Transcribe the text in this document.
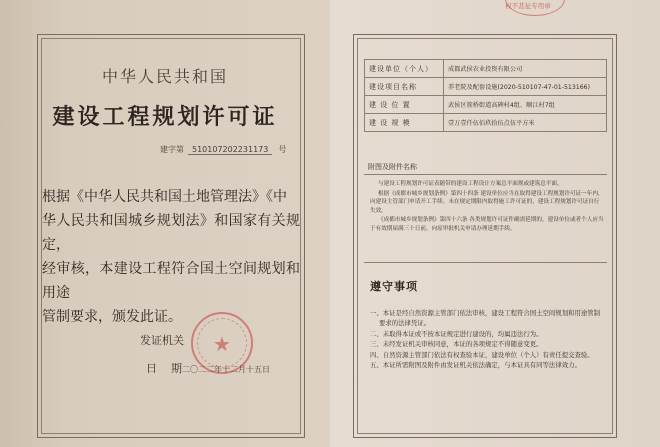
中华人民共和国
建设工程规划许可证
建字第 510107202231173 号
根据《中华人民共和国土地管理法》《中
华人民共和国城乡规划法》和国家有关规定，
经审核，本建设工程符合国土空间规划和用途
管制要求，颁发此证。
★
发证机关
日期
二〇二二年十二月十五日
权不甚征专用章
建设单位（个人）	成都武侯农业投资有限公司
建设项目名称	养老院及配套设施(2020-510107-47-01-513166)
建 设 位 置	武侯区簇桥街道高碑村4组、顺江村7组
建 设 规 模	壹万壹仟伍佰玖拾伍点伍平方米
附图及附件名称

与建设工程规划许可证表随带的建设工程设计方案总平面规或建筑总平面。

根据《成都市城乡规划条例》第四十四条 建设单位应当在取得建设工程规划许可证一年内，向建设主管部门申请开工手续。未在规定期限内取得施工许可证的，建设工程规划许可证自行失效。

《成都市城乡规划条例》第四十六条 各类规划许可证件确需延期的，建设单位或者个人应当于有效期届满三十日前，向原审批机关申请办理延期手续。

遵守事项

一、本证是经自然资源主管部门依法审核，建设工程符合国土空间规划和用途管制要求的法律凭证。

二、未取得本证或不按本证规定进行建设的，均属违法行为。

三、未经发证机关审核同意，本证的各项规定不得随意变更。

四、自然资源主管部门依法有权查验本证，建设单位（个人）有责任提交查验。

五、本证所需附图及附件由发证机关依法确定，与本证具有同等法律效力。
